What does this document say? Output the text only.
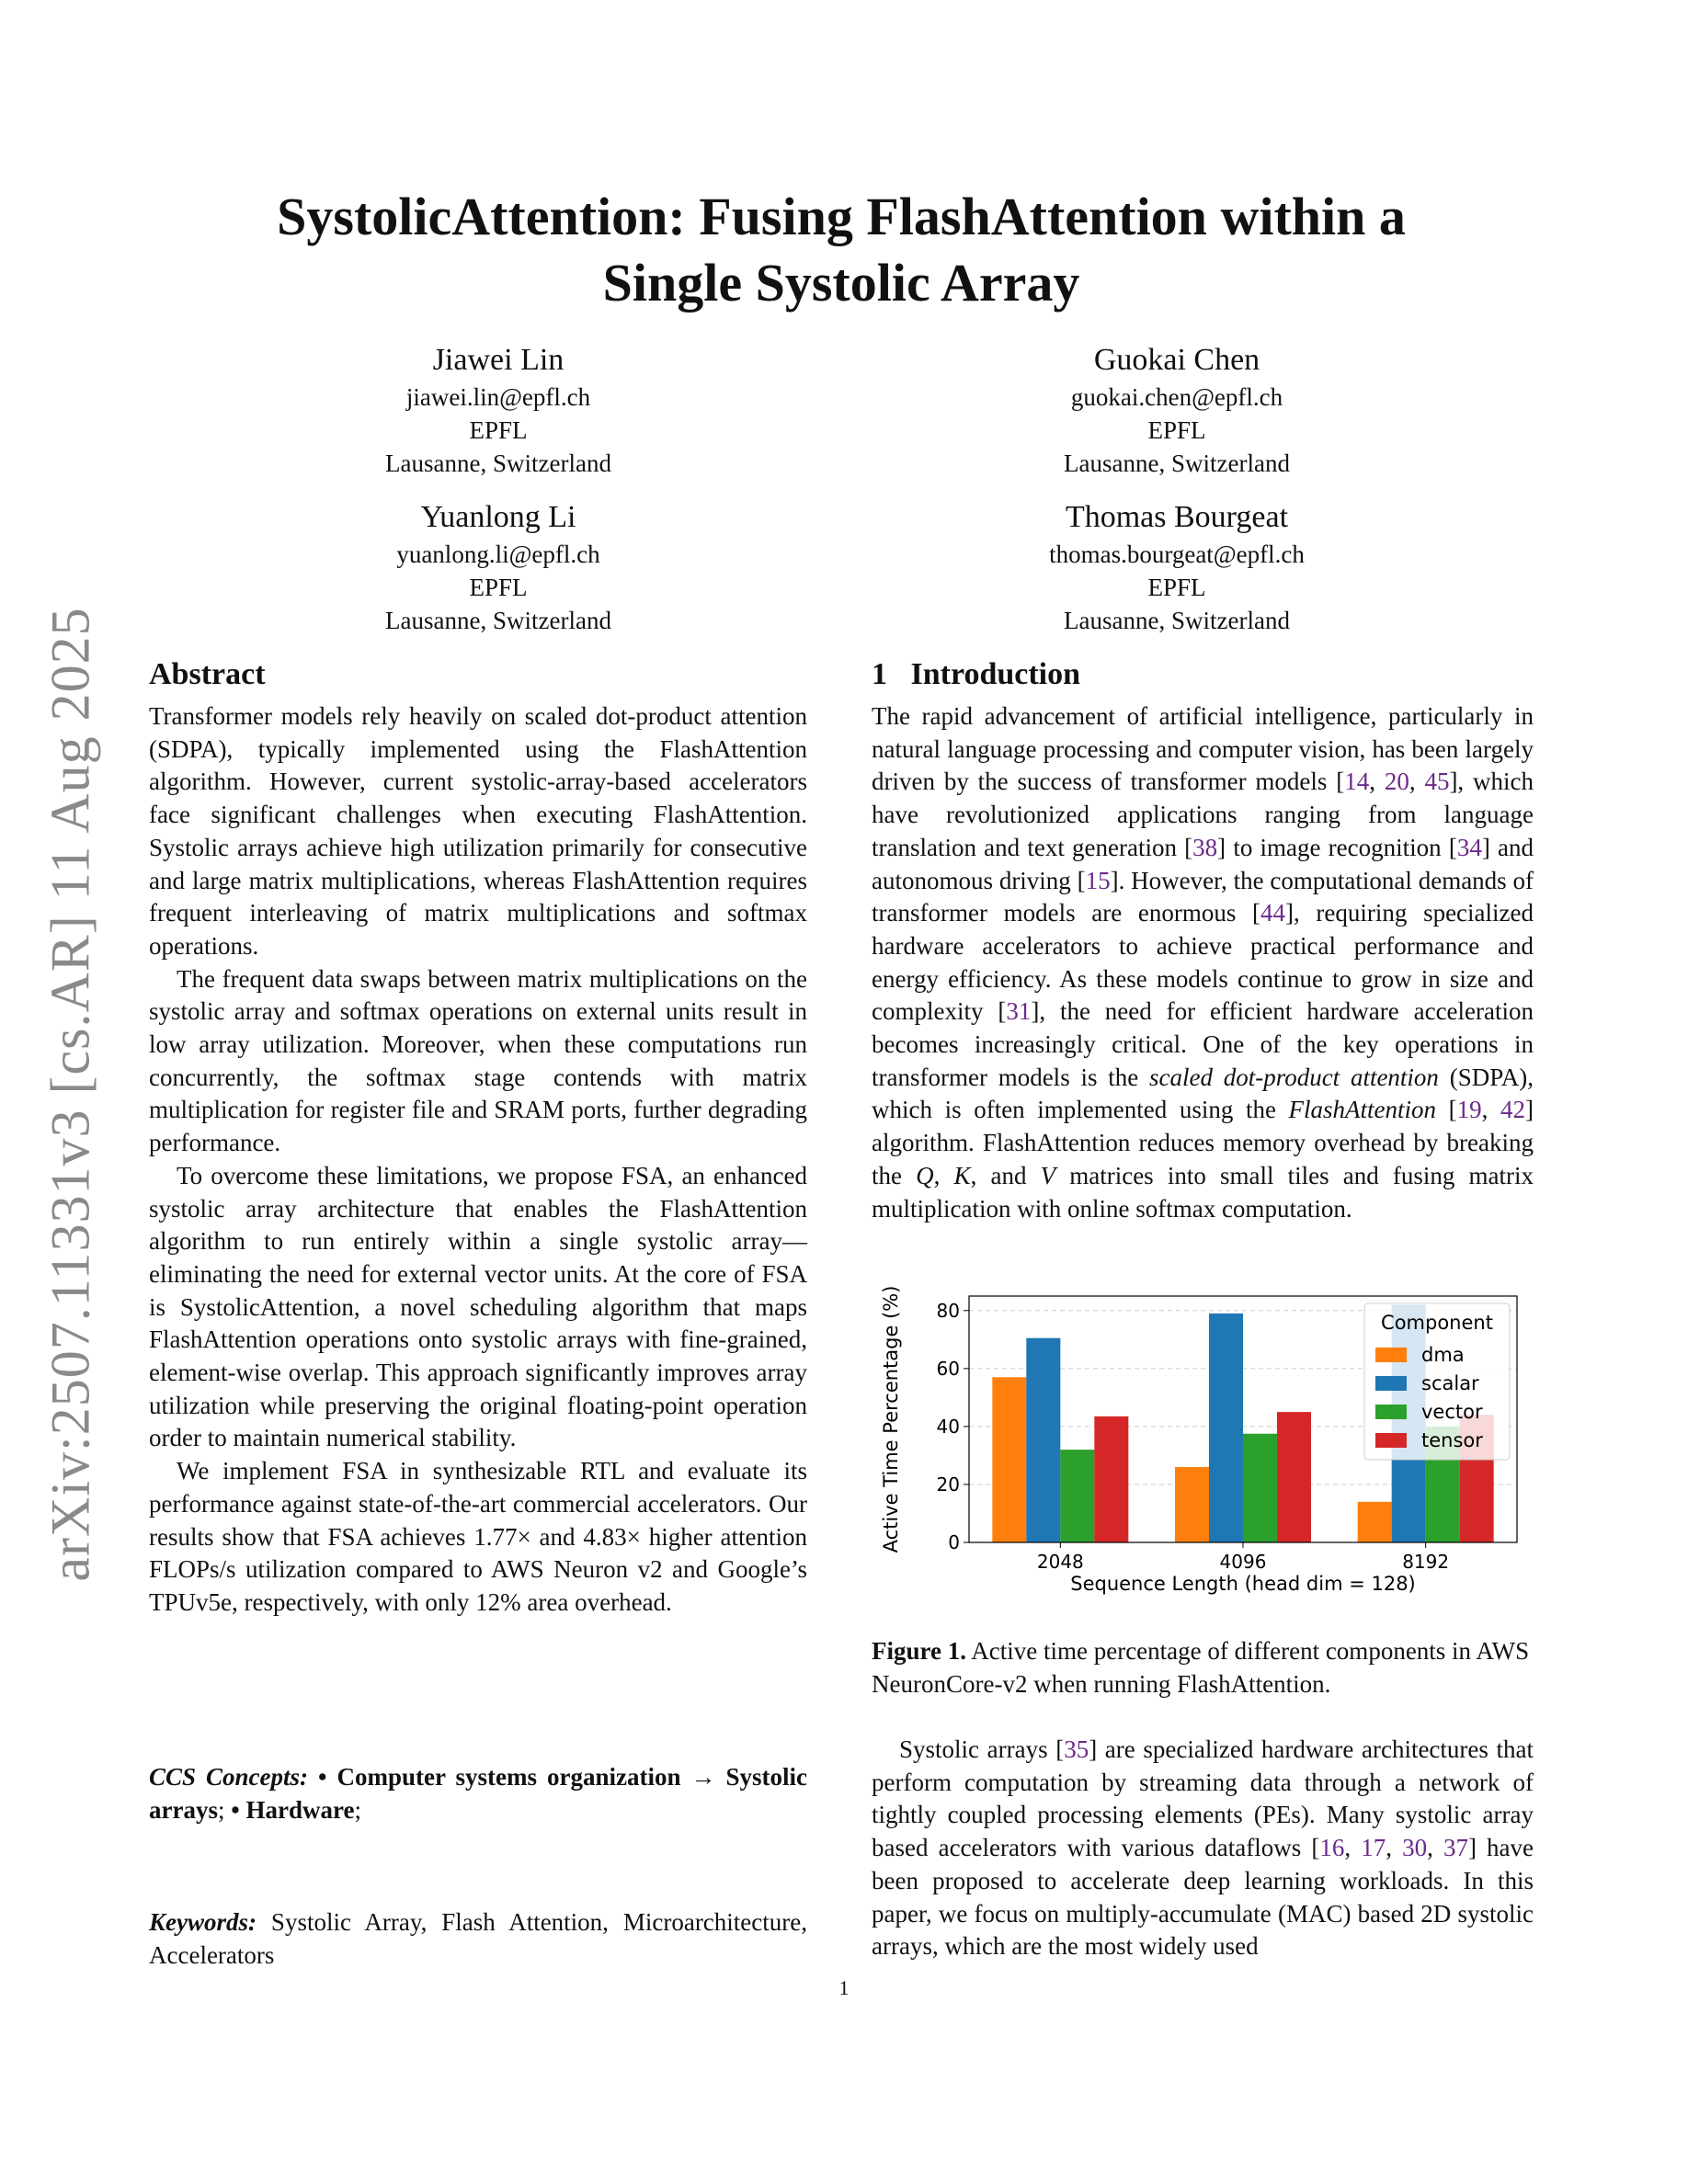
arXiv:2507.11331v3 [cs.AR] 11 Aug 2025
SystolicAttention: Fusing FlashAttention within a
Single Systolic Array
Jiawei Lin
jiawei.lin@epfl.ch
EPFL
Lausanne, Switzerland
Guokai Chen
guokai.chen@epfl.ch
EPFL
Lausanne, Switzerland
Yuanlong Li
yuanlong.li@epfl.ch
EPFL
Lausanne, Switzerland
Thomas Bourgeat
thomas.bourgeat@epfl.ch
EPFL
Lausanne, Switzerland
Abstract

Transformer models rely heavily on scaled dot-product attention (SDPA), typically implemented using the FlashAttention algorithm. However, current systolic-array-based accelerators face significant challenges when executing FlashAttention. Systolic arrays achieve high utilization primarily for consecutive and large matrix multiplications, whereas FlashAttention requires frequent interleaving of matrix multiplications and softmax operations.

The frequent data swaps between matrix multiplications on the systolic array and softmax operations on external units result in low array utilization. Moreover, when these computations run concurrently, the softmax stage contends with matrix multiplication for register file and SRAM ports, further degrading performance.

To overcome these limitations, we propose FSA, an enhanced systolic array architecture that enables the FlashAttention algorithm to run entirely within a single systolic array—eliminating the need for external vector units. At the core of FSA is SystolicAttention, a novel scheduling algorithm that maps FlashAttention operations onto systolic arrays with fine-grained, element-wise overlap. This approach significantly improves array utilization while preserving the original floating-point operation order to maintain numerical stability.

We implement FSA in synthesizable RTL and evaluate its performance against state-of-the-art commercial accelerators. Our results show that FSA achieves 1.77× and 4.83× higher attention FLOPs/s utilization compared to AWS Neuron v2 and Google’s TPUv5e, respectively, with only 12% area overhead.

CCS Concepts: • Computer systems organization → Systolic arrays; • Hardware;

Keywords: Systolic Array, Flash Attention, Microarchitecture, Accelerators

1 Introduction

The rapid advancement of artificial intelligence, particularly in natural language processing and computer vision, has been largely driven by the success of transformer models [14, 20, 45], which have revolutionized applications ranging from language translation and text generation [38] to image recognition [34] and autonomous driving [15]. However, the computational demands of transformer models are enormous [44], requiring specialized hardware accelerators to achieve practical performance and energy efficiency. As these models continue to grow in size and complexity [31], the need for efficient hardware acceleration becomes increasingly critical. One of the key operations in transformer models is the scaled dot-product attention (SDPA), which is often implemented using the FlashAttention [19, 42] algorithm. FlashAttention reduces memory overhead by breaking the Q, K, and V matrices into small tiles and fusing matrix multiplication with online softmax computation.

0
20
40
60
80
2048	4096	8192
Sequence Length (head dim = 128)
Active Time Percentage (%)	Component
dma
scalar
vector
tensor
Figure 1. Active time percentage of different components in AWS NeuronCore-v2 when running FlashAttention.

Systolic arrays [35] are specialized hardware architectures that perform computation by streaming data through a network of tightly coupled processing elements (PEs). Many systolic array based accelerators with various dataflows [16, 17, 30, 37] have been proposed to accelerate deep learning workloads. In this paper, we focus on multiply-accumulate (MAC) based 2D systolic arrays, which are the most widely used

1
